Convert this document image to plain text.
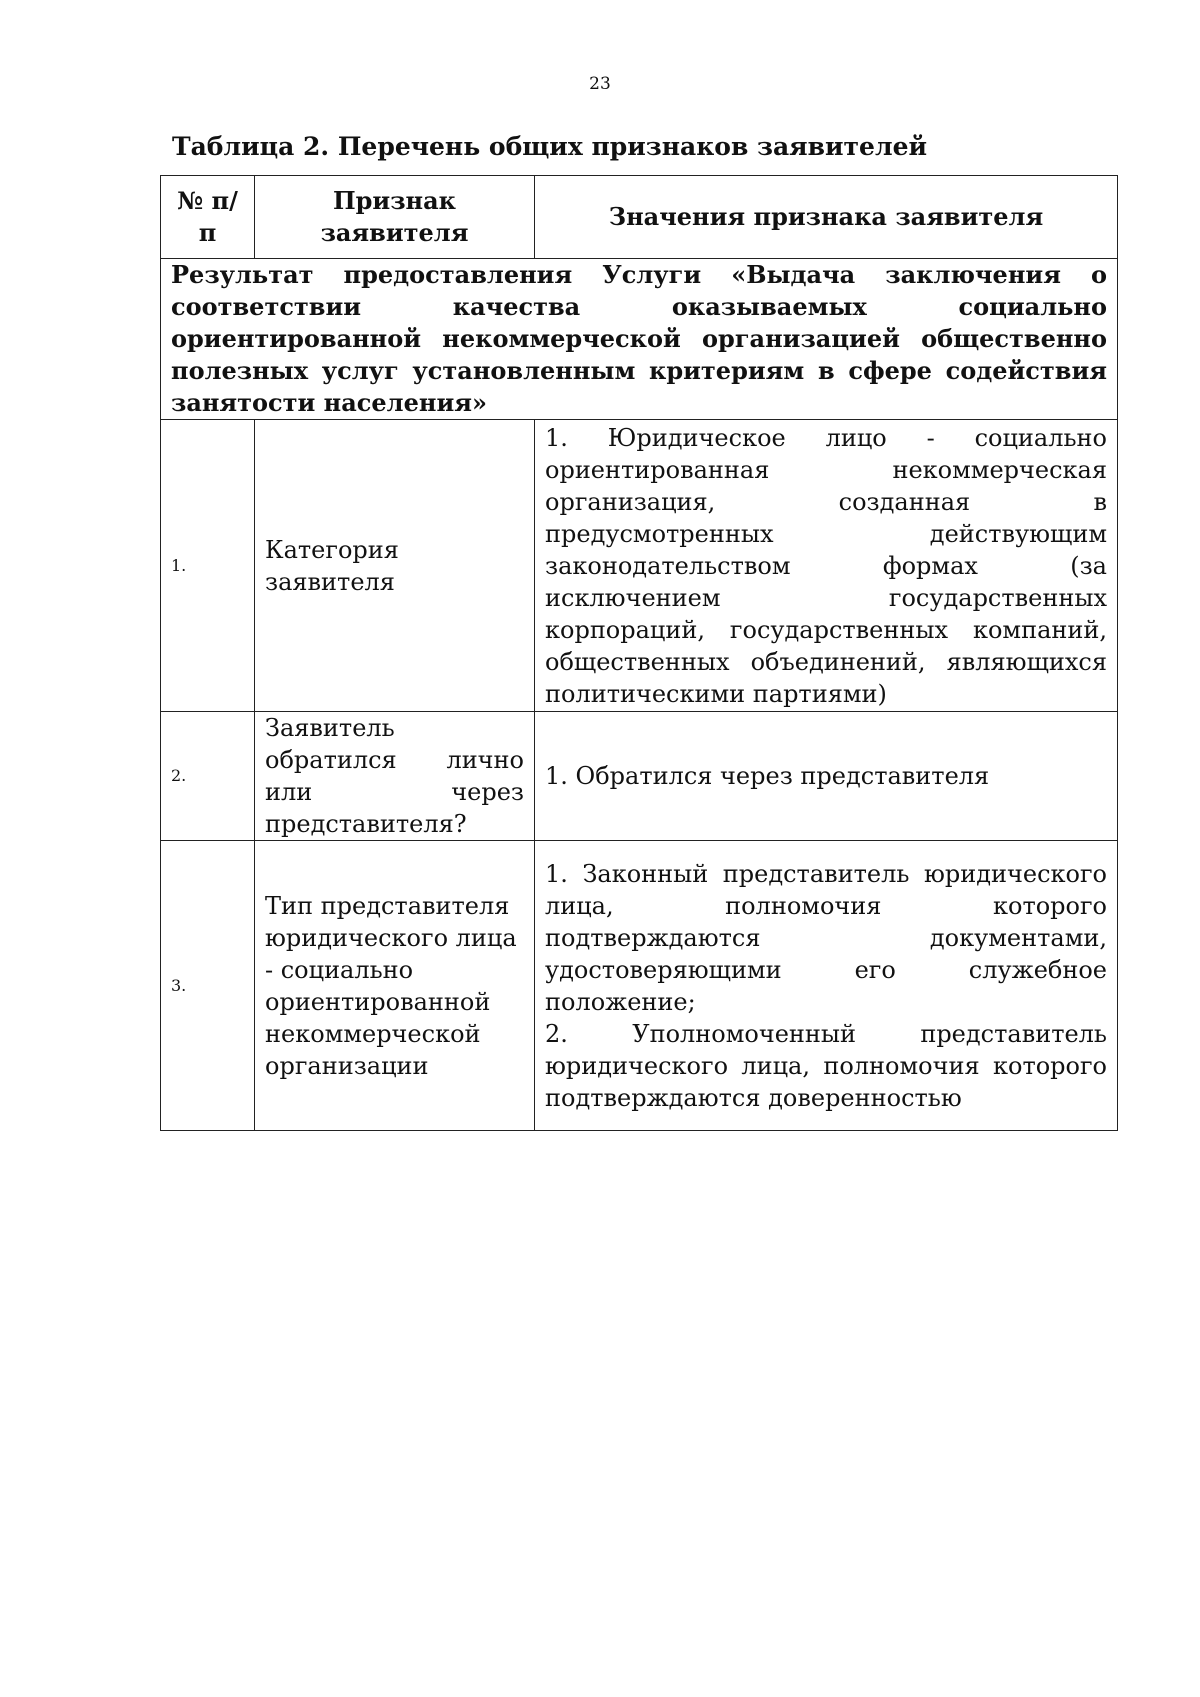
23
Таблица 2. Перечень общих признаков заявителей
№ п/п	Признак заявителя	Значения признака заявителя
Результат предоставления Услуги «Выдача заключения о соответствии качества оказываемых социально ориентированной некоммерческой организацией общественно полезных услуг установленным критериям в сфере содействия занятости населения»		
1.	Категория заявителя	1. Юридическое лицо - социально ориентированная некоммерческая организация, созданная в предусмотренных действующим законодательством формах (за исключением государственных корпораций, государственных компаний, общественных объединений, являющихся политическими партиями)

2.	Заявитель обратился лично или через представителя?	1. Обратился через представителя

3.	Тип представителя юридического лица - социально ориентированной некоммерческой организации	1. Законный представитель юридического лица, полномочия которого подтверждаются документами, удостоверяющими его служебное положение;
2. Уполномоченный представитель юридического лица, полномочия которого подтверждаются доверенностью
